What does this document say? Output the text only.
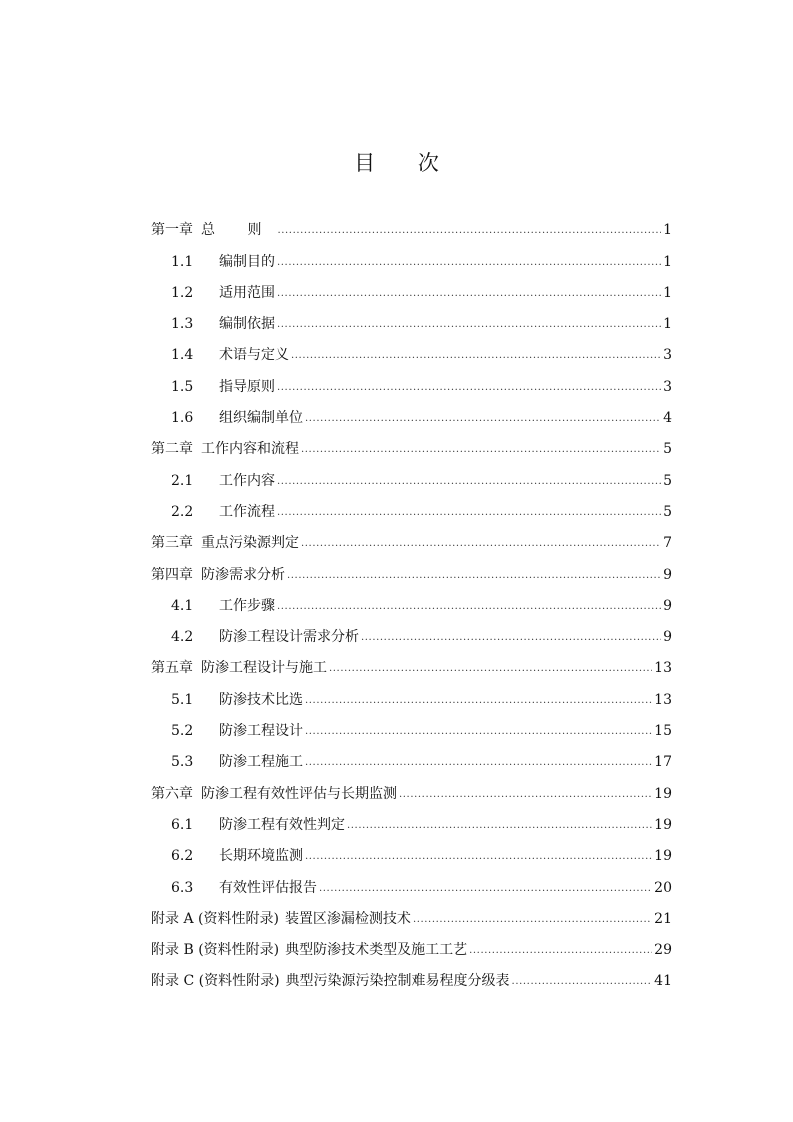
目 次
第一章 总 则 .....	1
1.1	编制目的 .....	1
1.2	适用范围 .....	1
1.3	编制依据 .....	1
1.4	术语与定义 .....	3
1.5	指导原则 .....	3
1.6	组织编制单位 .....	4
第二章 工作内容和流程 .....	5
2.1	工作内容 .....	5
2.2	工作流程 .....	5
第三章 重点污染源判定 .....	7
第四章 防渗需求分析 .....	9
4.1	工作步骤 .....	9
4.2	防渗工程设计需求分析 .....	9
第五章 防渗工程设计与施工 .....	13
5.1	防渗技术比选 .....	13
5.2	防渗工程设计 .....	15
5.3	防渗工程施工 .....	17
第六章 防渗工程有效性评估与长期监测 .....	19
6.1	防渗工程有效性判定 .....	19
6.2	长期环境监测 .....	19
6.3	有效性评估报告 .....	20
附录 A (资料性附录) 装置区渗漏检测技术 .....	21
附录 B (资料性附录) 典型防渗技术类型及施工工艺 .....	29
附录 C (资料性附录) 典型污染源污染控制难易程度分级表 .....	41
